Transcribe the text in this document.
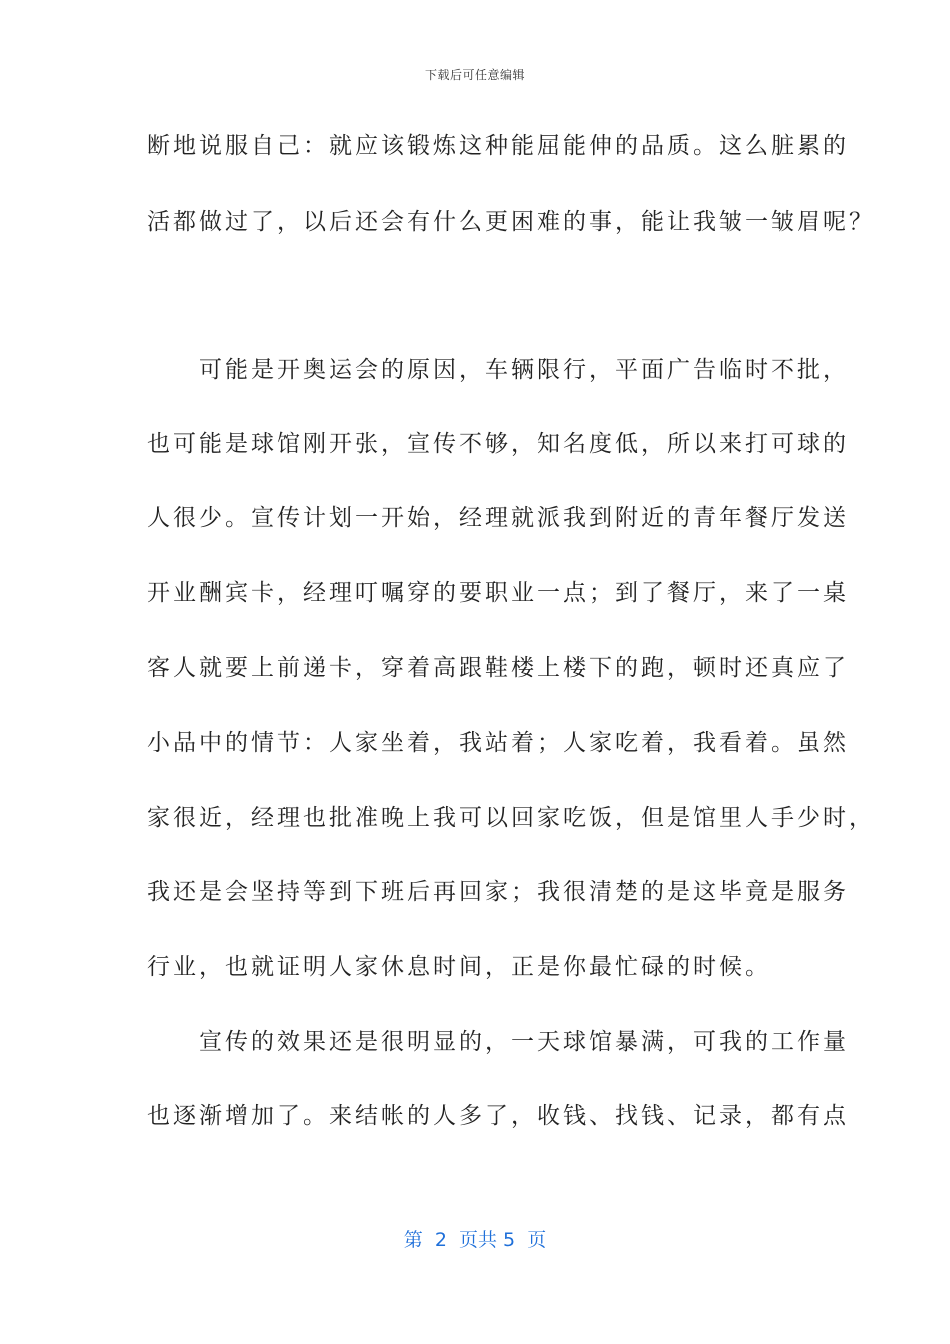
下载后可任意编辑
断地说服自己：就应该锻炼这种能屈能伸的品质。这么脏累的
活都做过了，以后还会有什么更困难的事，能让我皱一皱眉呢？
　　可能是开奥运会的原因，车辆限行，平面广告临时不批，
也可能是球馆刚开张，宣传不够，知名度低，所以来打可球的
人很少。宣传计划一开始，经理就派我到附近的青年餐厅发送
开业酬宾卡，经理叮嘱穿的要职业一点；到了餐厅，来了一桌
客人就要上前递卡，穿着高跟鞋楼上楼下的跑，顿时还真应了
小品中的情节：人家坐着，我站着；人家吃着，我看着。虽然
家很近，经理也批准晚上我可以回家吃饭，但是馆里人手少时，
我还是会坚持等到下班后再回家；我很清楚的是这毕竟是服务
行业，也就证明人家休息时间，正是你最忙碌的时候。
　　宣传的效果还是很明显的，一天球馆暴满，可我的工作量
也逐渐增加了。来结帐的人多了，收钱、找钱、记录，都有点
第  2  页共 5  页
